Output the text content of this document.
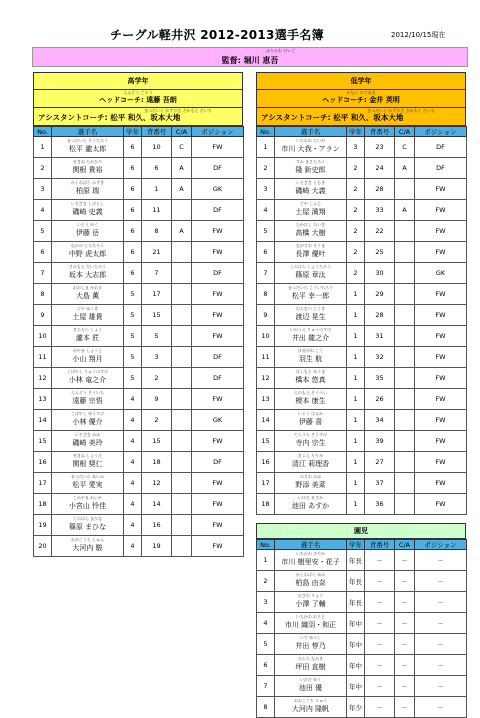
チーグル軽井沢 2012-2013選手名簿	2012/10/15現在
ほりかわ けいご
監督: 堀川 恵吾
高学年
えんどう ごろう
ヘッドコーチ: 遠藤 吾朗
まつだいら かずひさ さかもと だいち
アシスタントコーチ: 松平 和久、坂本大地
No.	選手名	学年	背番号	C/A	ポジション
1	まつだいら そうたろう
松平 瀧太郎	6	10	C	FW
2	せきね たかひろ
関根 貴裕	6	6	A	DF
3	かしわばら みずき
柏原 瑞	6	1	A	GK
4	いそざき しげとし
磯崎 史義	6	11		DF
5	いとう がく
伊藤 岳	6	8	A	FW
6	なかの とらたろう
中野 虎太郎	6	21		FW
7	さかもと だいたろう
坂本 大志郎	6	7		DF
8	おおしま かおる
大島 薫	5	17		FW
9	どや ゆうき
土屋 雄貴	5	15		FW
10	きたむら しょう
瀧本 匠	5	5		FW
11	おやま しょうじ
小山 翔月	5	3		DF
12	こばやし りゅうのすけ
小林 竜之介	5	2		DF
13	えんどう そういち
遠藤 宗悟	4	9		FW
14	こばやし ゆうすけ
小林 優介	4	2		GK
15	いそざき みほ
磯崎 美玲	4	15		FW
16	せきね しょうた
関根 奨仁	4	18		DF
17	まつだいら あいみ
松平 愛実	4	12		FW
18	こみやま れいか
小宮山 怜佳	4	14		FW
19	しのはら まひな
篠原 まひな	4	16		FW
20	おおこうち しゅん
大河内 駿	4	19		FW
低学年
かない ひであき
ヘッドコーチ: 金井 英明
まつだいら かずひさ さかもと だいち
アシスタントコーチ: 松平 和久、坂本大地
No.	選手名	学年	背番号	C/A	ポジション
1	いちかわ たいが
市川 大我・アラン	3	23	C	DF
2	すみ まさたろう
隆 釿史郎	2	24	A	DF
3	いそざき ともき
磯崎 大義	2	28		FW
4	どや しんじ
土屋 満翔	2	33	A	FW
5	たかはし たいき
高橋 大樹	2	22		FW
6	ながさわ そうま
長澤 優叶	2	25		FW
7	しのはら しょうたろう
篠原 章汰	2	30		GK
8	まつだいら こういちろう
松平 幸一郎	1	29		FW
9	わたなべ こうき
渡辺 晃生	1	28		FW
10	いのうえ りゅうのすけ
井出 龍之介	1	31		FW
11	はせがわ こう
羽生 航	1	32		FW
12	はしもと ゆうま
橋本 悠真	1	35		FW
13	えのもと そうへい
榎本 康生	1	26		FW
14	いとう はるか
伊藤 喜	1	34		FW
15	てらうち そうすけ
寺内 宗生	1	39		FW
16	きよえ りりか
清江 莉理香	1	27		FW
17	のさわ みほ
野添 美菜	1	37		FW
18	いけだ あすか
池田 あすか	1	36		FW
園児
No.	選手名	学年	背番号	C/A	ポジション
1	いちかわ さやか
市川 樹里安・花子	年長	－	－	－
2	かしわばら ゆみ
柏島 由奈	年長	－	－	－
3	おざわ りょう
小澤 了輔	年長	－	－	－
4	いちかわ おりと
市川 織羽・和正	年中	－	－	－
5	いで あつし
井出 惇乃	年中	－	－	－
6	ひらた なおき
坪田 直樹	年中	－	－	－
7	いけだ ゆう
池田 優	年中	－	－	－
8	おおこうち りゅう
大河内 隆帆	年少	－	－	－
